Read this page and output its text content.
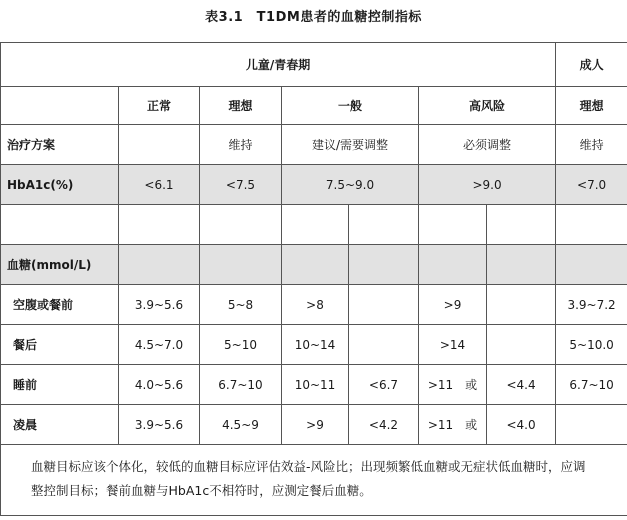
表3.1　T1DM患者的血糖控制指标
儿童/青春期							成人
	正常	理想	一般		高风险		理想
治疗方案		维持	建议/需要调整		必须调整		维持
HbA1c(%)	<6.1	<7.5	7.5~9.0		>9.0		<7.0

血糖(mmol/L)							
空腹或餐前	3.9~5.6	5~8	>8		>9		3.9~7.2
餐后	4.5~7.0	5~10	10~14		>14		5~10.0
睡前	4.0~5.6	6.7~10	10~11	<6.7	>11　或	<4.4	6.7~10
凌晨	3.9~5.6	4.5~9	>9	<4.2	>11　或	<4.0	
血糖目标应该个体化，较低的血糖目标应评估效益-风险比；出现频繁低血糖或无症状低血糖时，应调整控制目标；餐前血糖与HbA1c不相符时，应测定餐后血糖。							
